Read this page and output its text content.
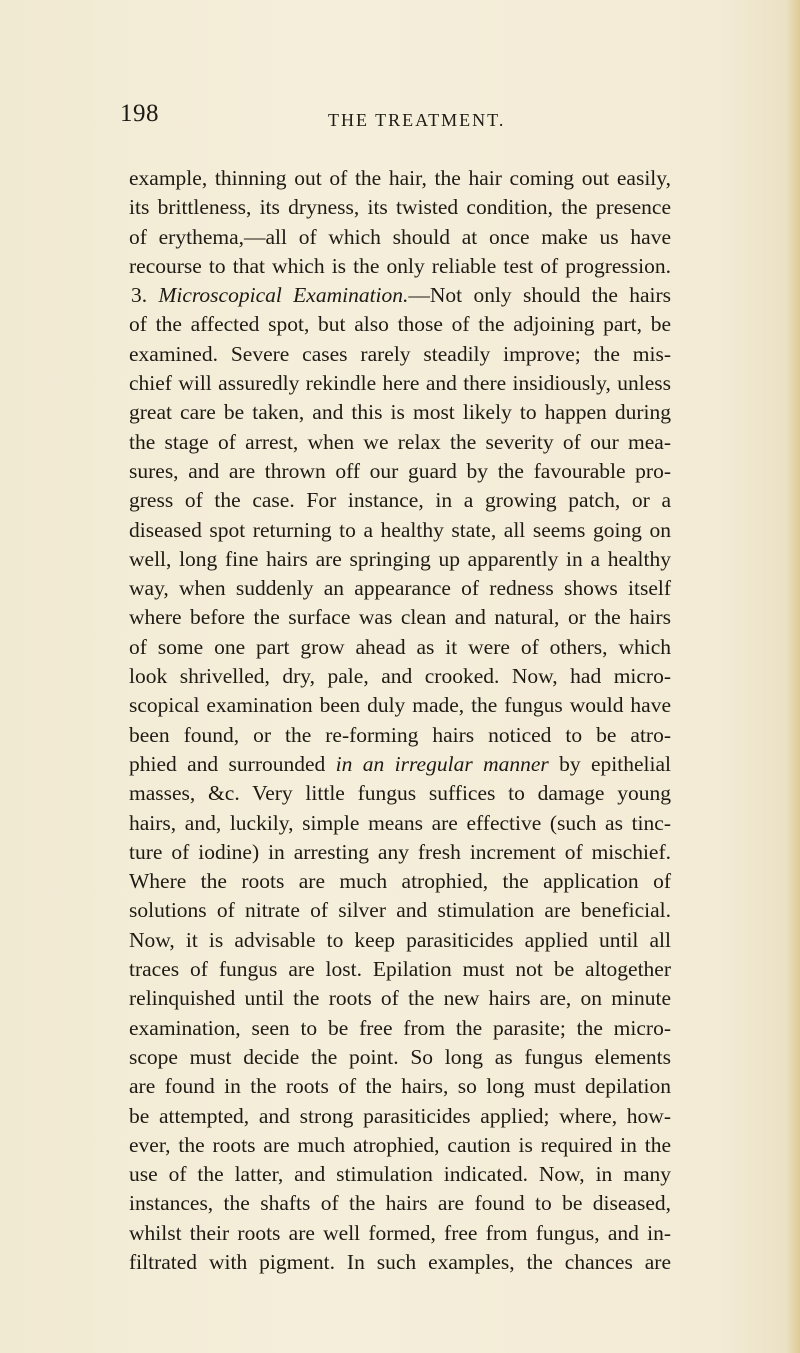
198	THE TREATMENT.
example, thinning out of the hair, the hair coming out easily,
its brittleness, its dryness, its twisted condition, the presence
of erythema,—all of which should at once make us have
recourse to that which is the only reliable test of progression.
3. Microscopical Examination.—Not only should the hairs
of the affected spot, but also those of the adjoining part, be
examined. Severe cases rarely steadily improve; the mis-
chief will assuredly rekindle here and there insidiously, unless
great care be taken, and this is most likely to happen during
the stage of arrest, when we relax the severity of our mea-
sures, and are thrown off our guard by the favourable pro-
gress of the case. For instance, in a growing patch, or a
diseased spot returning to a healthy state, all seems going on
well, long fine hairs are springing up apparently in a healthy
way, when suddenly an appearance of redness shows itself
where before the surface was clean and natural, or the hairs
of some one part grow ahead as it were of others, which
look shrivelled, dry, pale, and crooked. Now, had micro-
scopical examination been duly made, the fungus would have
been found, or the re-forming hairs noticed to be atro-
phied and surrounded in an irregular manner by epithelial
masses, &c. Very little fungus suffices to damage young
hairs, and, luckily, simple means are effective (such as tinc-
ture of iodine) in arresting any fresh increment of mischief.
Where the roots are much atrophied, the application of
solutions of nitrate of silver and stimulation are beneficial.
Now, it is advisable to keep parasiticides applied until all
traces of fungus are lost. Epilation must not be altogether
relinquished until the roots of the new hairs are, on minute
examination, seen to be free from the parasite; the micro-
scope must decide the point. So long as fungus elements
are found in the roots of the hairs, so long must depilation
be attempted, and strong parasiticides applied; where, how-
ever, the roots are much atrophied, caution is required in the
use of the latter, and stimulation indicated. Now, in many
instances, the shafts of the hairs are found to be diseased,
whilst their roots are well formed, free from fungus, and in-
filtrated with pigment. In such examples, the chances are
